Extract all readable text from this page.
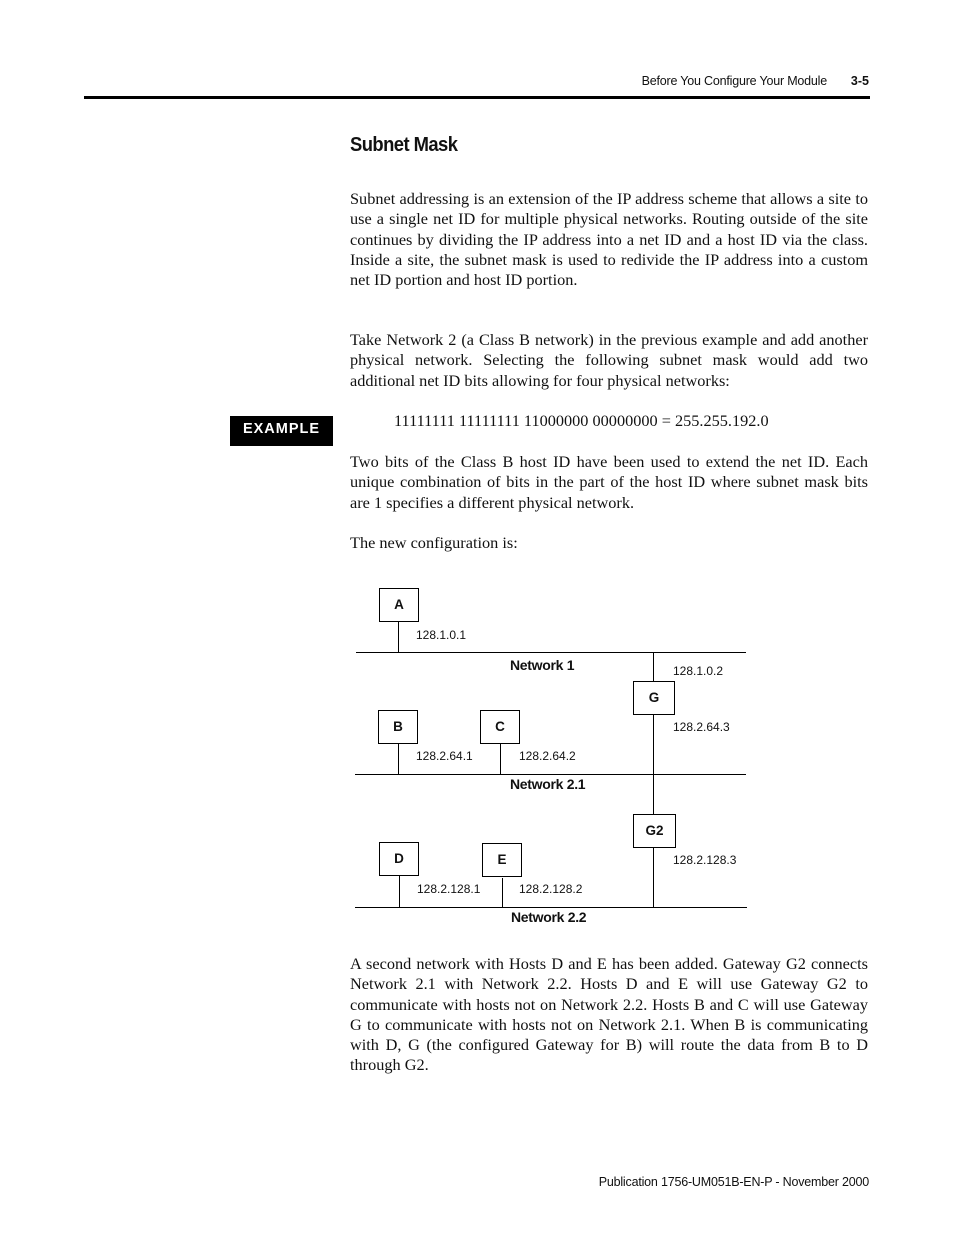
Before You Configure Your Module 3-5
Subnet Mask
Subnet addressing is an extension of the IP address scheme that allows a site to use a single net ID for multiple physical networks. Routing outside of the site continues by dividing the IP address into a net ID and a host ID via the class. Inside a site, the subnet mask is used to redivide the IP address into a custom net ID portion and host ID portion.
Take Network 2 (a Class B network) in the previous example and add another physical network. Selecting the following subnet mask would add two additional net ID bits allowing for four physical networks:
EXAMPLE	11111111 11111111 11000000 00000000 = 255.255.192.0
Two bits of the Class B host ID have been used to extend the net ID. Each unique combination of bits in the part of the host ID where subnet mask bits are 1 specifies a different physical network.
The new configuration is:
A
B	C
G
G2
D	E
128.1.0.1
128.1.0.2
128.2.64.1	128.2.64.2
128.2.64.3
128.2.128.1	128.2.128.2
128.2.128.3
Network 1
Network 2.1
Network 2.2
A second network with Hosts D and E has been added. Gateway G2 connects Network 2.1 with Network 2.2. Hosts D and E will use Gateway G2 to communicate with hosts not on Network 2.2. Hosts B and C will use Gateway G to communicate with hosts not on Network 2.1. When B is communicating with D, G (the configured Gateway for B) will route the data from B to D through G2.
Publication 1756-UM051B-EN-P - November 2000
